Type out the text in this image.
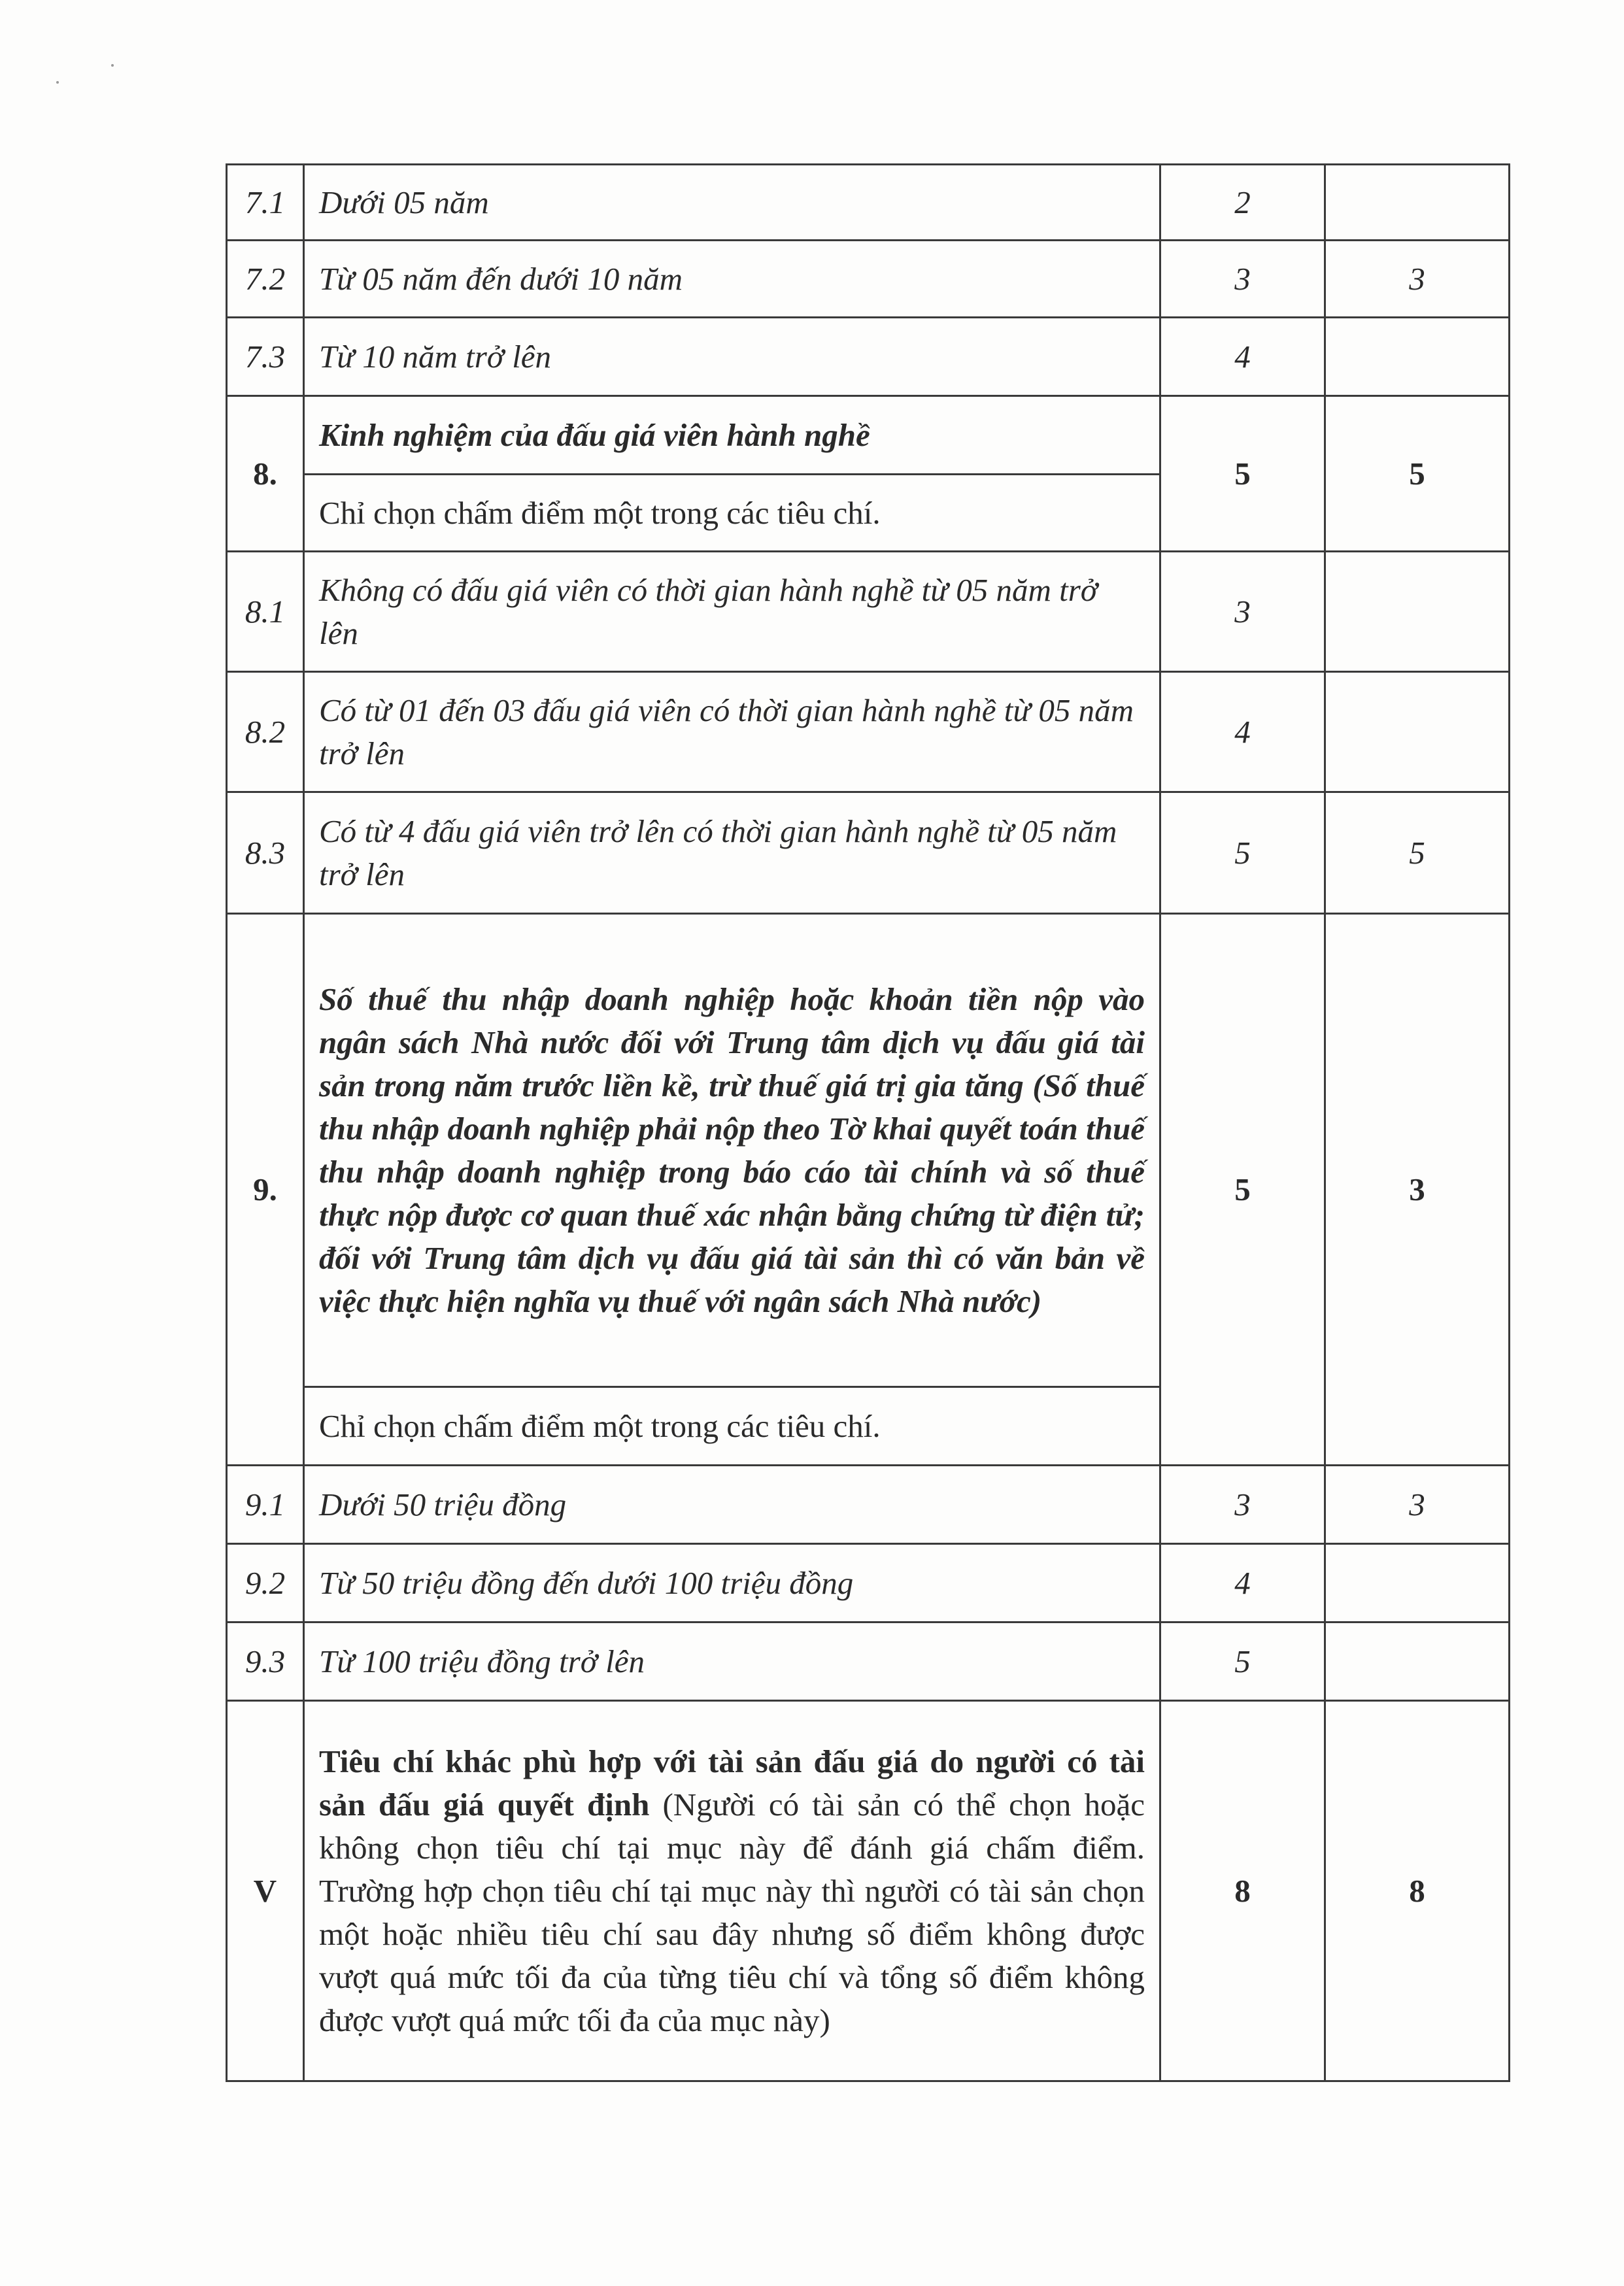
7.1	Dưới 05 năm	2	
7.2	Từ 05 năm đến dưới 10 năm	3	3
7.3	Từ 10 năm trở lên	4	
8.	Kinh nghiệm của đấu giá viên hành nghề	5	5
	Chỉ chọn chấm điểm một trong các tiêu chí.		
8.1	Không có đấu giá viên có thời gian hành nghề từ 05 năm trở lên	3	
8.2	Có từ 01 đến 03 đấu giá viên có thời gian hành nghề từ 05 năm trở lên	4	
8.3	Có từ 4 đấu giá viên trở lên có thời gian hành nghề từ 05 năm trở lên	5	5
9.	Số thuế thu nhập doanh nghiệp hoặc khoản tiền nộp vào ngân sách Nhà nước đối với Trung tâm dịch vụ đấu giá tài sản trong năm trước liền kề, trừ thuế giá trị gia tăng (Số thuế thu nhập doanh nghiệp phải nộp theo Tờ khai quyết toán thuế thu nhập doanh nghiệp trong báo cáo tài chính và số thuế thực nộp được cơ quan thuế xác nhận bằng chứng từ điện tử; đối với Trung tâm dịch vụ đấu giá tài sản thì có văn bản về việc thực hiện nghĩa vụ thuế với ngân sách Nhà nước)	5	3
	Chỉ chọn chấm điểm một trong các tiêu chí.		
9.1	Dưới 50 triệu đồng	3	3
9.2	Từ 50 triệu đồng đến dưới 100 triệu đồng	4	
9.3	Từ 100 triệu đồng trở lên	5	
V	Tiêu chí khác phù hợp với tài sản đấu giá do người có tài sản đấu giá quyết định (Người có tài sản có thể chọn hoặc không chọn tiêu chí tại mục này để đánh giá chấm điểm. Trường hợp chọn tiêu chí tại mục này thì người có tài sản chọn một hoặc nhiều tiêu chí sau đây nhưng số điểm không được vượt quá mức tối đa của từng tiêu chí và tổng số điểm không được vượt quá mức tối đa của mục này)	8	8
